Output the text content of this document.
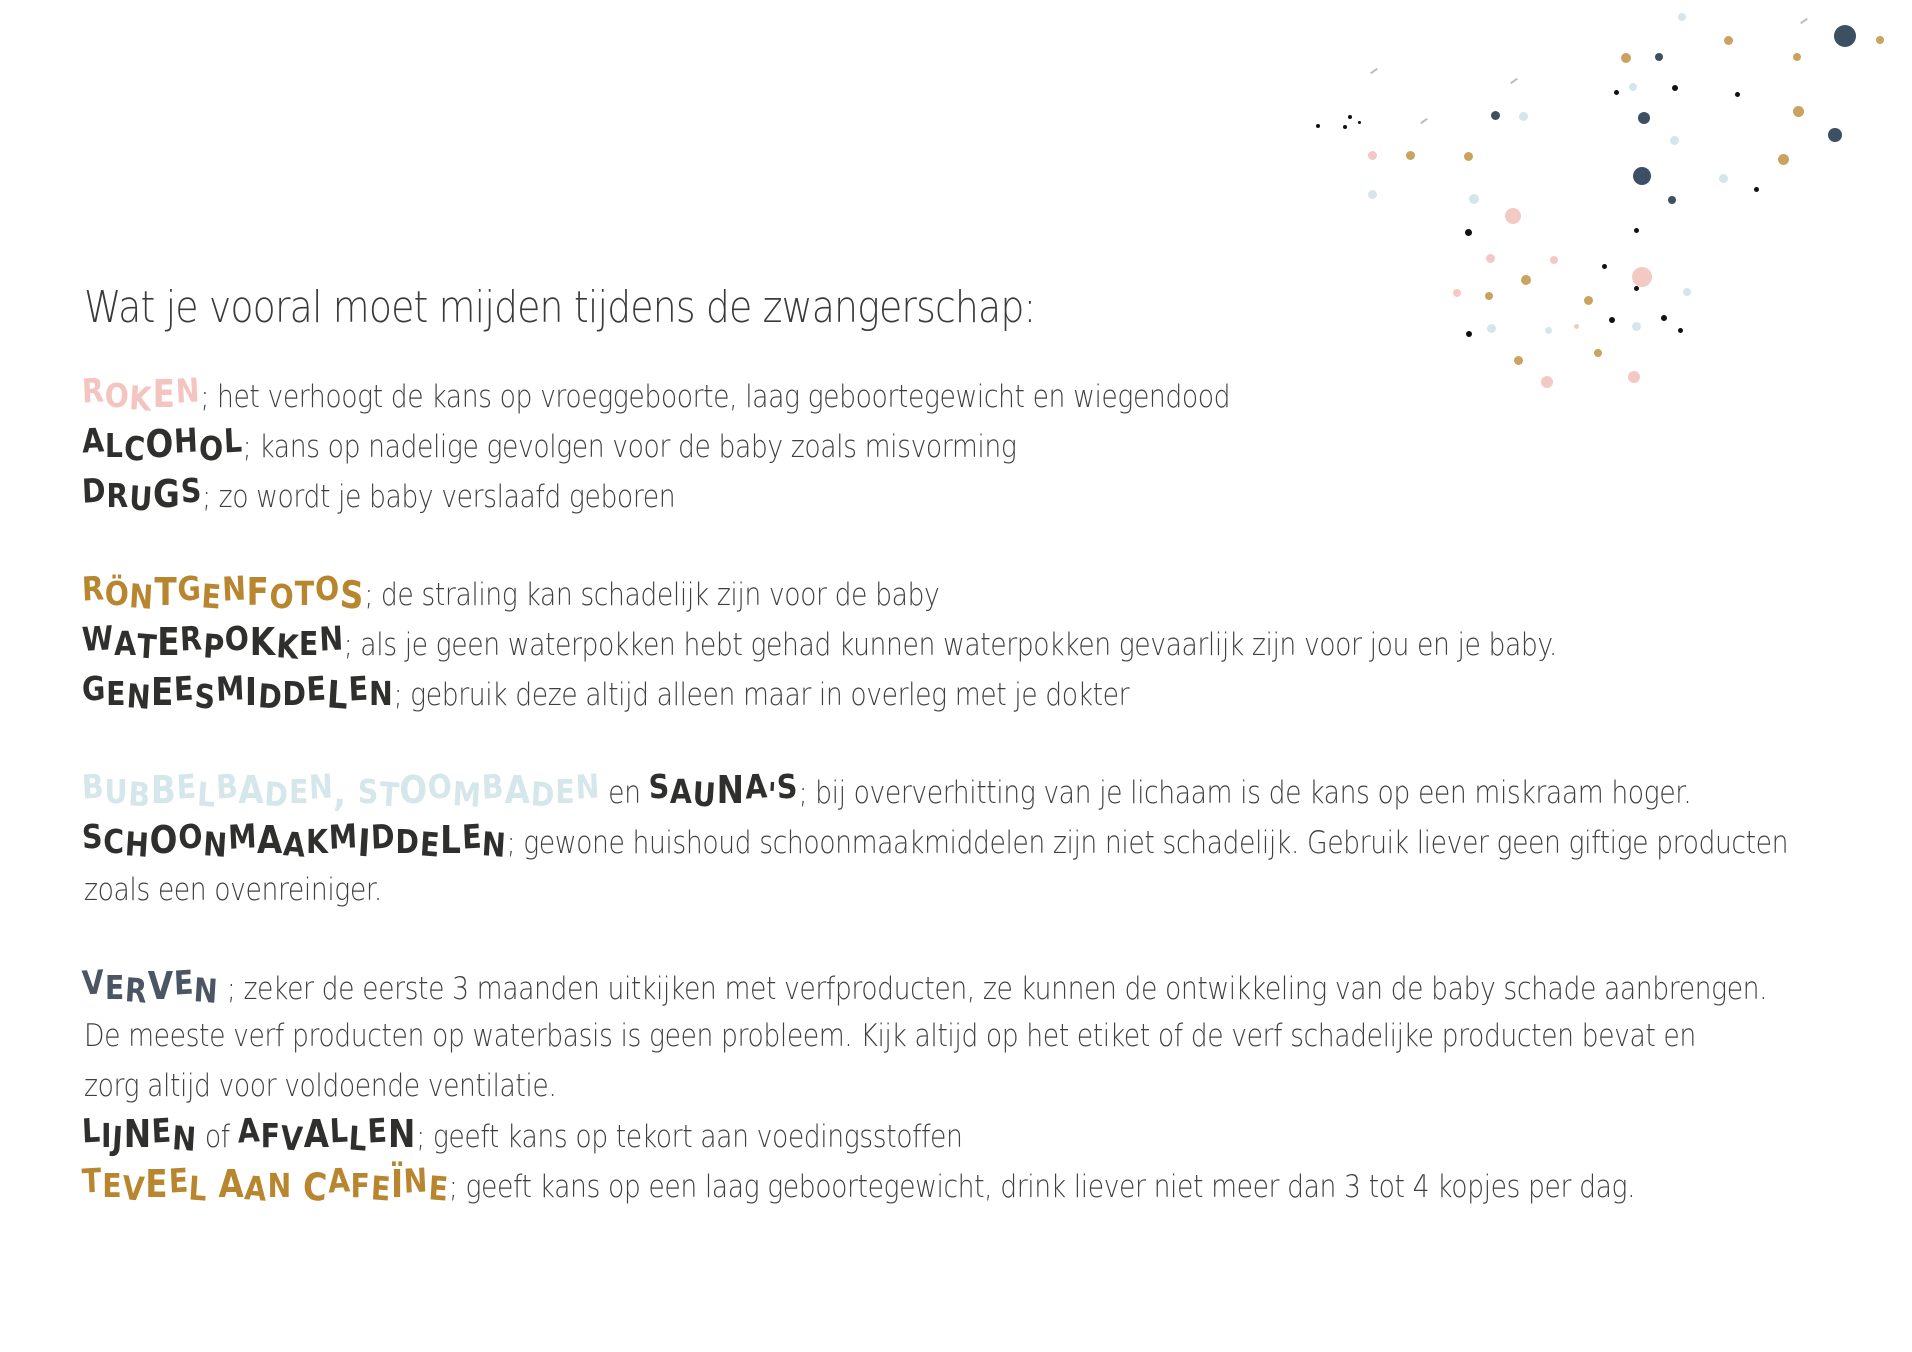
Wat je vooral moet mijden tijdens de zwangerschap:
ROKEN; het verhoogt de kans op vroeggeboorte, laag geboortegewicht en wiegendood
ALCOHOL; kans op nadelige gevolgen voor de baby zoals misvorming
DRUGS; zo wordt je baby verslaafd geboren
RÖNTGENFOTOS; de straling kan schadelijk zijn voor de baby
WATERPOKKEN; als je geen waterpokken hebt gehad kunnen waterpokken gevaarlijk zijn voor jou en je baby.
GENEESMIDDELEN; gebruik deze altijd alleen maar in overleg met je dokter
BUBBELBADEN, STOOMBADEN en SAUNA'S; bij oververhitting van je lichaam is de kans op een miskraam hoger.
SCHOONMAAKMIDDELEN; gewone huishoud schoonmaakmiddelen zijn niet schadelijk. Gebruik liever geen giftige producten
zoals een ovenreiniger.
VERVEN ; zeker de eerste 3 maanden uitkijken met verfproducten, ze kunnen de ontwikkeling van de baby schade aanbrengen.
De meeste verf producten op waterbasis is geen probleem. Kijk altijd op het etiket of de verf schadelijke producten bevat en
zorg altijd voor voldoende ventilatie.
LIJNEN of AFVALLEN; geeft kans op tekort aan voedingsstoffen
TEVEEL AAN CAFEÏNE; geeft kans op een laag geboortegewicht, drink liever niet meer dan 3 tot 4 kopjes per dag.
